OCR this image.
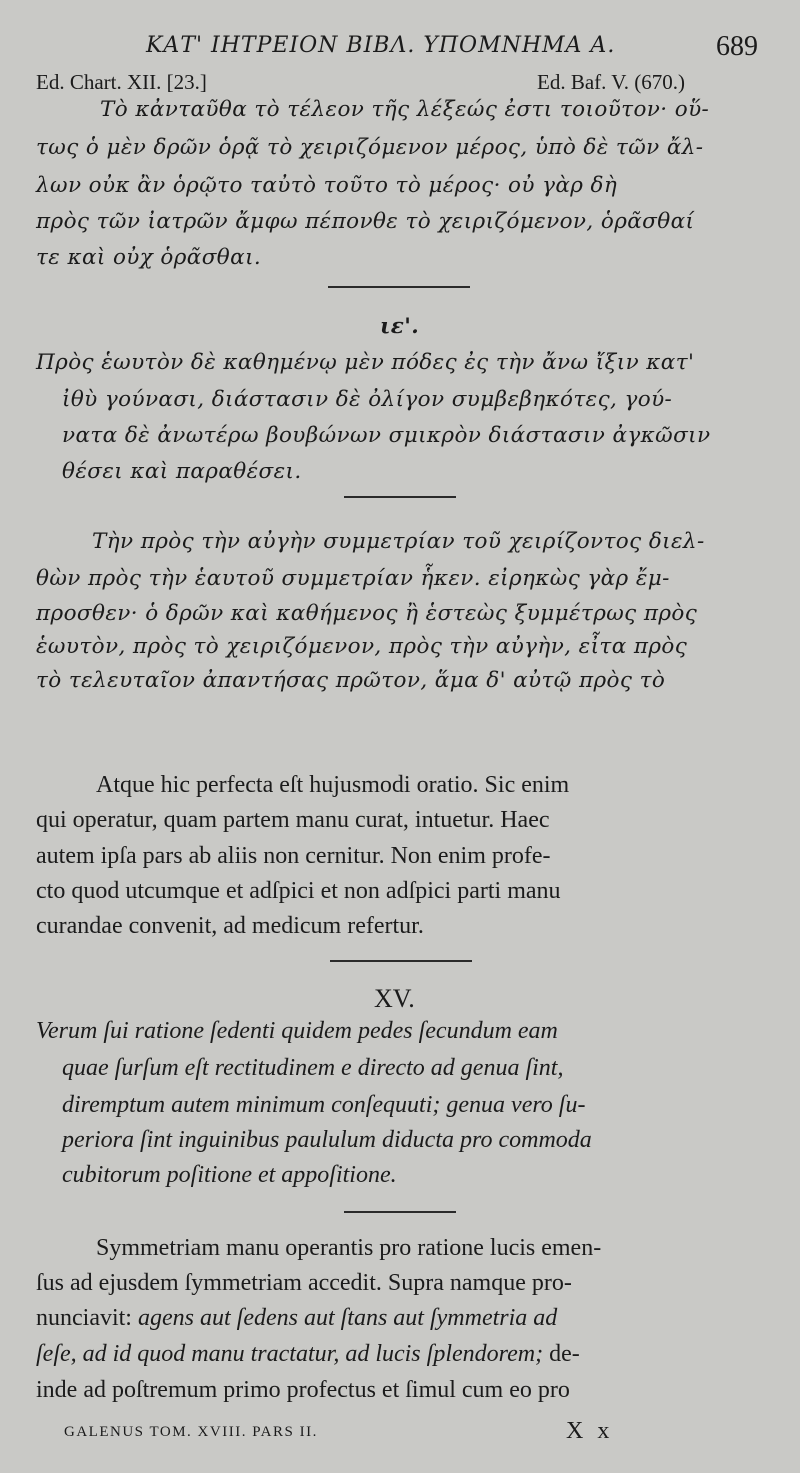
ΚΑΤ' ΙΗΤΡΕΙΟΝ ΒΙΒΛ. ΥΠΟΜΝΗΜΑ Α.	689
Ed. Chart. XII. [23.]	Ed. Baf. V. (670.)
Τὸ κἀνταῦθα τὸ τέλεον τῆς λέξεώς ἐστι τοιοῦτον· οὕ-
τως ὁ μὲν δρῶν ὁρᾷ τὸ χειριζόμενον μέρος, ὑπὸ δὲ τῶν ἄλ-
λων οὐκ ἂν ὁρῷτο ταὐτὸ τοῦτο τὸ μέρος· οὐ γὰρ δὴ
πρὸς τῶν ἰατρῶν ἄμφω πέπονθε τὸ χειριζόμενον, ὁρᾶσθαί
τε καὶ οὐχ ὁρᾶσθαι.
ιε'.
Πρὸς ἑωυτὸν δὲ καθημένῳ μὲν πόδες ἐς τὴν ἄνω ἴξιν κατ'
ἰθὺ γούνασι, διάστασιν δὲ ὀλίγον συμβεβηκότες, γού-
νατα δὲ ἀνωτέρω βουβώνων σμικρὸν διάστασιν ἀγκῶσιν
θέσει καὶ παραθέσει.
Τὴν πρὸς τὴν αὐγὴν συμμετρίαν τοῦ χειρίζοντος διελ-
θὼν πρὸς τὴν ἑαυτοῦ συμμετρίαν ἧκεν. εἰρηκὼς γὰρ ἔμ-
προσθεν· ὁ δρῶν καὶ καθήμενος ἢ ἑστεὼς ξυμμέτρως πρὸς
ἑωυτὸν, πρὸς τὸ χειριζόμενον, πρὸς τὴν αὐγὴν, εἶτα πρὸς
τὸ τελευταῖον ἀπαντήσας πρῶτον, ἅμα δ' αὐτῷ πρὸς τὸ
Atque hic perfecta eſt hujusmodi oratio. Sic enim
qui operatur, quam partem manu curat, intuetur. Haec
autem ipſa pars ab aliis non cernitur. Non enim profe-
cto quod utcumque et adſpici et non adſpici parti manu
curandae convenit, ad medicum refertur.
XV.
Verum ſui ratione ſedenti quidem pedes ſecundum eam
quae ſurſum eſt rectitudinem e directo ad genua ſint,
diremptum autem minimum conſequuti; genua vero ſu-
periora ſint inguinibus paululum diducta pro commoda
cubitorum poſitione et appoſitione.
Symmetriam manu operantis pro ratione lucis emen-
ſus ad ejusdem ſymmetriam accedit. Supra namque pro-
nunciavit: agens aut ſedens aut ſtans aut ſymmetria ad
ſeſe, ad id quod manu tractatur, ad lucis ſplendorem; de-
inde ad poſtremum primo profectus et ſimul cum eo pro
GALENUS TOM. XVIII. PARS II.	X x
